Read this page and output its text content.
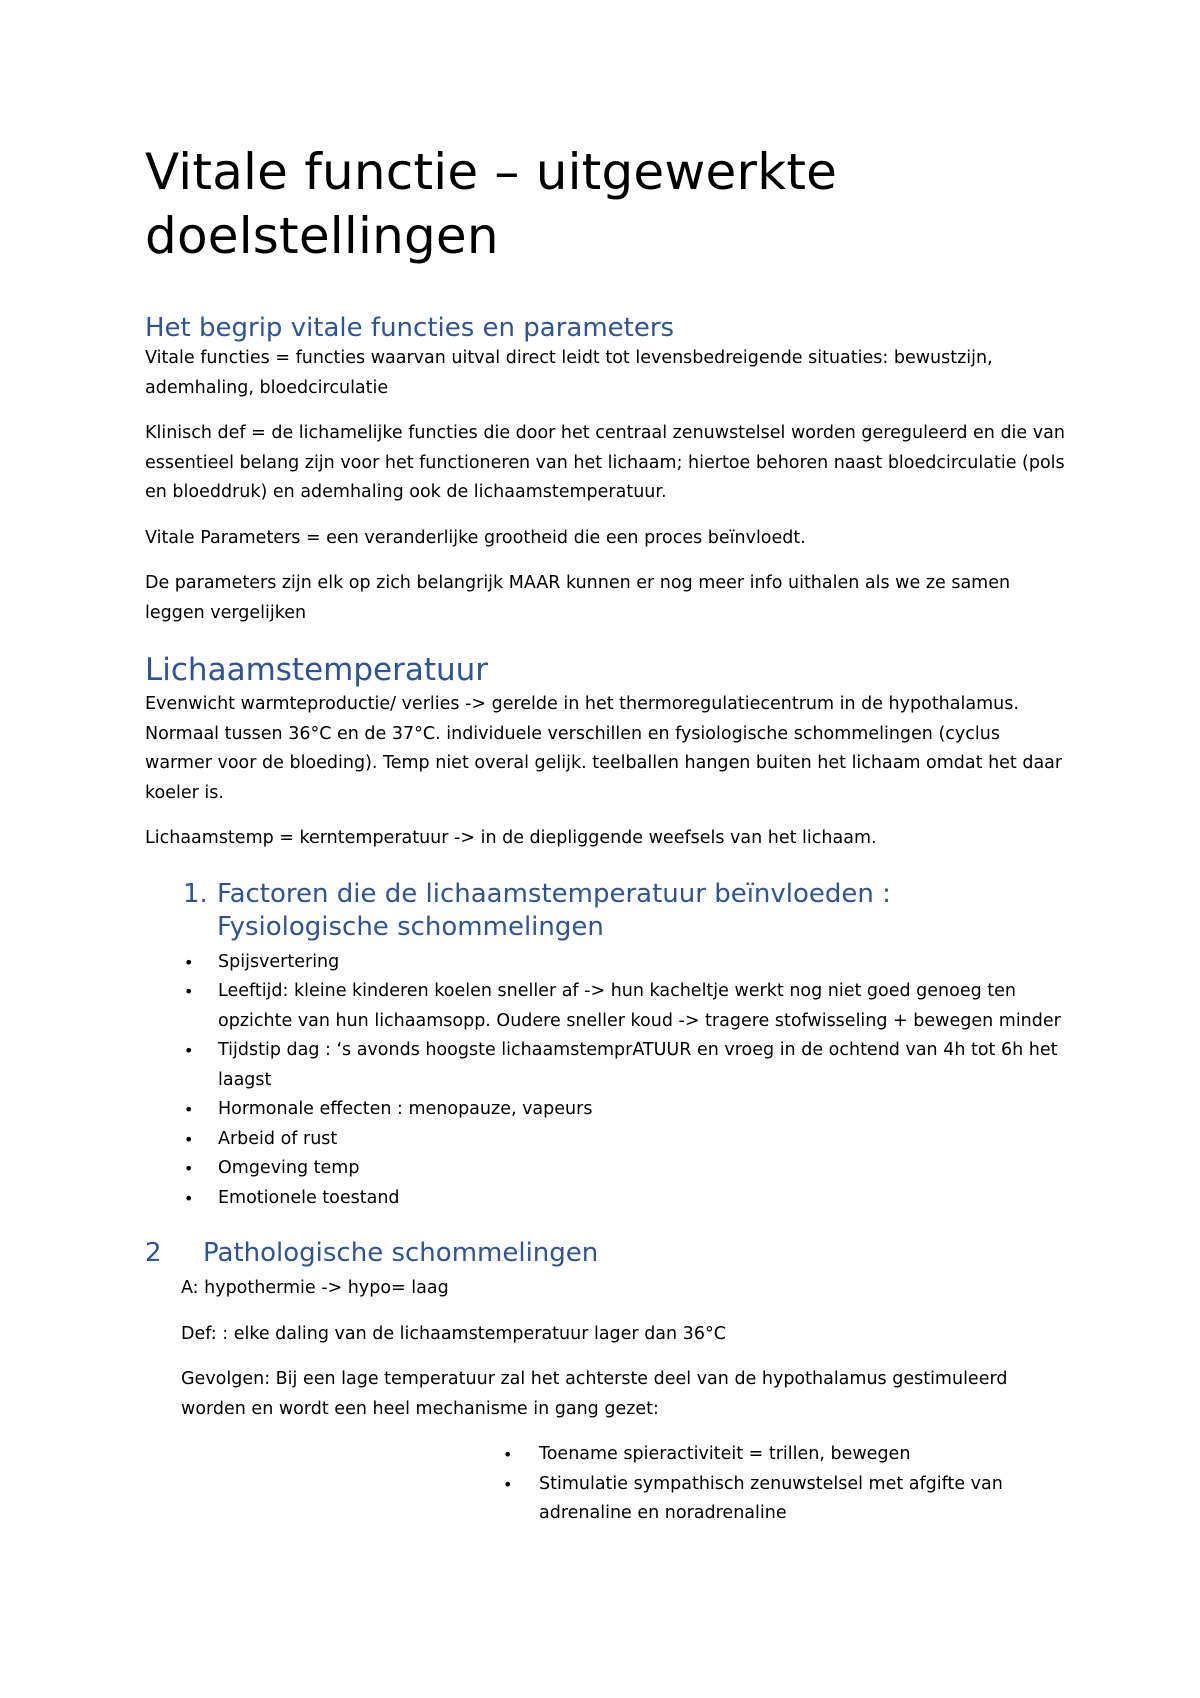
Vitale functie – uitgewerkte doelstellingen
Het begrip vitale functies en parameters

Vitale functies = functies waarvan uitval direct leidt tot levensbedreigende situaties: bewustzijn, ademhaling, bloedcirculatie

Klinisch def = de lichamelijke functies die door het centraal zenuwstelsel worden gereguleerd en die van essentieel belang zijn voor het functioneren van het lichaam; hiertoe behoren naast bloedcirculatie (pols en bloeddruk) en ademhaling ook de lichaamstemperatuur.

Vitale Parameters = een veranderlijke grootheid die een proces beïnvloedt.

De parameters zijn elk op zich belangrijk MAAR kunnen er nog meer info uithalen als we ze samen leggen vergelijken

Lichaamstemperatuur

Evenwicht warmteproductie/ verlies -> gerelde in het thermoregulatiecentrum in de hypothalamus. Normaal tussen 36°C en de 37°C. individuele verschillen en fysiologische schommelingen (cyclus warmer voor de bloeding). Temp niet overal gelijk. teelballen hangen buiten het lichaam omdat het daar koeler is.

Lichaamstemp = kerntemperatuur -> in de diepliggende weefsels van het lichaam.

1. Factoren die de lichaamstemperatuur beïnvloeden : Fysiologische schommelingen
• Spijsvertering
• Leeftijd: kleine kinderen koelen sneller af -> hun kacheltje werkt nog niet goed genoeg ten opzichte van hun lichaamsopp. Oudere sneller koud -> tragere stofwisseling + bewegen minder
• Tijdstip dag : ‘s avonds hoogste lichaamstemprATUUR en vroeg in de ochtend van 4h tot 6h het laagst
• Hormonale effecten : menopauze, vapeurs
• Arbeid of rust
• Omgeving temp
• Emotionele toestand
2	Pathologische schommelingen

A: hypothermie -> hypo= laag

Def: : elke daling van de lichaamstemperatuur lager dan 36°C

Gevolgen: Bij een lage temperatuur zal het achterste deel van de hypothalamus gestimuleerd worden en wordt een heel mechanisme in gang gezet:

• Toename spieractiviteit = trillen, bewegen
• Stimulatie sympathisch zenuwstelsel met afgifte van adrenaline en noradrenaline
